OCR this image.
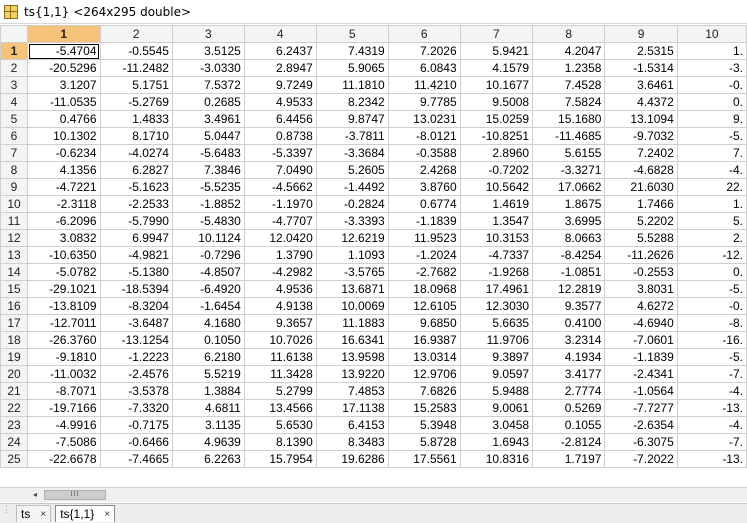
ts{1,1} <264x295 double>
	1	2	3	4	5	6	7	8	9	10
1	-5.4704	-0.5545	3.5125	6.2437	7.4319	7.2026	5.9421	4.2047	2.5315	1.
2	-20.5296	-11.2482	-3.0330	2.8947	5.9065	6.0843	4.1579	1.2358	-1.5314	-3.
3	3.1207	5.1751	7.5372	9.7249	11.1810	11.4210	10.1677	7.4528	3.6461	-0.
4	-11.0535	-5.2769	0.2685	4.9533	8.2342	9.7785	9.5008	7.5824	4.4372	0.
5	0.4766	1.4833	3.4961	6.4456	9.8747	13.0231	15.0259	15.1680	13.1094	9.
6	10.1302	8.1710	5.0447	0.8738	-3.7811	-8.0121	-10.8251	-11.4685	-9.7032	-5.
7	-0.6234	-4.0274	-5.6483	-5.3397	-3.3684	-0.3588	2.8960	5.6155	7.2402	7.
8	4.1356	6.2827	7.3846	7.0490	5.2605	2.4268	-0.7202	-3.3271	-4.6828	-4.
9	-4.7221	-5.1623	-5.5235	-4.5662	-1.4492	3.8760	10.5642	17.0662	21.6030	22.
10	-2.3118	-2.2533	-1.8852	-1.1970	-0.2824	0.6774	1.4619	1.8675	1.7466	1.
11	-6.2096	-5.7990	-5.4830	-4.7707	-3.3393	-1.1839	1.3547	3.6995	5.2202	5.
12	3.0832	6.9947	10.1124	12.0420	12.6219	11.9523	10.3153	8.0663	5.5288	2.
13	-10.6350	-4.9821	-0.7296	1.3790	1.1093	-1.2024	-4.7337	-8.4254	-11.2626	-12.
14	-5.0782	-5.1380	-4.8507	-4.2982	-3.5765	-2.7682	-1.9268	-1.0851	-0.2553	0.
15	-29.1021	-18.5394	-6.4920	4.9536	13.6871	18.0968	17.4961	12.2819	3.8031	-5.
16	-13.8109	-8.3204	-1.6454	4.9138	10.0069	12.6105	12.3030	9.3577	4.6272	-0.
17	-12.7011	-3.6487	4.1680	9.3657	11.1883	9.6850	5.6635	0.4100	-4.6940	-8.
18	-26.3760	-13.1254	0.1050	10.7026	16.6341	16.9387	11.9706	3.2314	-7.0601	-16.
19	-9.1810	-1.2223	6.2180	11.6138	13.9598	13.0314	9.3897	4.1934	-1.1839	-5.
20	-11.0032	-2.4576	5.5219	11.3428	13.9220	12.9706	9.0597	3.4177	-2.4341	-7.
21	-8.7071	-3.5378	1.3884	5.2799	7.4853	7.6826	5.9488	2.7774	-1.0564	-4.
22	-19.7166	-7.3320	4.6811	13.4566	17.1138	15.2583	9.0061	0.5269	-7.7277	-13.
23	-4.9916	-0.7175	3.1135	5.6530	6.4153	5.3948	3.0458	0.1055	-2.6354	-4.
24	-7.5086	-0.6466	4.9639	8.1390	8.3483	5.8728	1.6943	-2.8124	-6.3075	-7.
25	-22.6678	-7.4665	6.2263	15.7954	19.6286	17.5561	10.8316	1.7197	-7.2022	-13.
◂	III
⋮ ts × ts{1,1} ×
